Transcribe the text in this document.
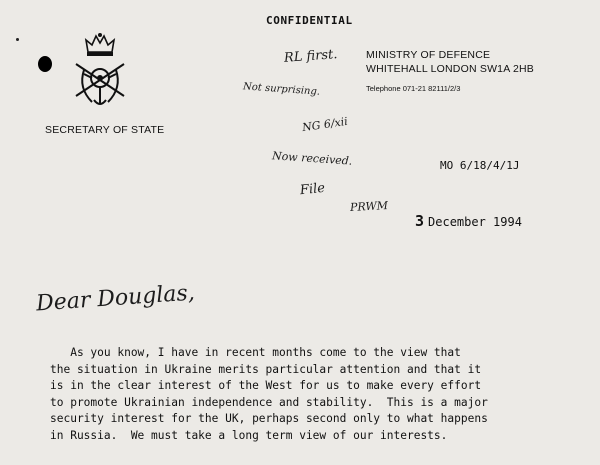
CONFIDENTIAL
SECRETARY OF STATE
MINISTRY OF DEFENCE
WHITEHALL LONDON SW1A 2HB
Telephone 071-21 82111/2/3
RL first.
Not surprising.
NG 6/xii
Now received.
File
PRWM
MO 6/18/4/1J
3 December 1994
Dear Douglas,
As you know, I have in recent months come to the view that
the situation in Ukraine merits particular attention and that it
is in the clear interest of the West for us to make every effort
to promote Ukrainian independence and stability.  This is a major
security interest for the UK, perhaps second only to what happens
in Russia.  We must take a long term view of our interests.
